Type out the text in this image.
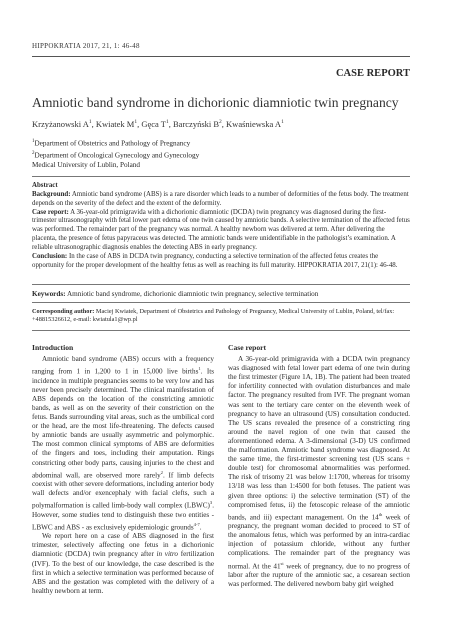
HIPPOKRATIA 2017, 21, 1: 46-48
CASE REPORT
Amniotic band syndrome in dichorionic diamniotic twin pregnancy
Krzyżanowski $A^1$, Kwiatek $M^1$, Gęca $T^1$, Barczyński $B^2$, Kwaśniewska $A^1$
$^1$Department of Obstetrics and Pathology of Pregnancy
$^2$Department of Oncological Gynecology and Gynecology
Medical University of Lublin, Poland

Abstract

Background: Amniotic band syndrome (ABS) is a rare disorder which leads to a number of deformities of the fetus body. The treatment depends on the severity of the defect and the extent of the deformity.

Case report: A 36-year-old primigravida with a dichorionic diamniotic (DCDA) twin pregnancy was diagnosed during the first-trimester ultrasonography with fetal lower part edema of one twin caused by amniotic bands. A selective termination of the affected fetus was performed. The remainder part of the pregnancy was normal. A healthy newborn was delivered at term. After delivering the placenta, the presence of fetus papyraceus was detected. The amniotic bands were unidentifiable in the pathologist’s examination. A reliable ultrasonographic diagnosis enables the detecting ABS in early pregnancy.

Conclusion: In the case of ABS in DCDA twin pregnancy, conducting a selective termination of the affected fetus creates the opportunity for the proper development of the healthy fetus as well as reaching its full maturity. HIPPOKRATIA 2017, 21(1): 46-48.

Keywords: Amniotic band syndrome, dichorionic diamniotic twin pregnancy, selective termination
Corresponding author: Maciej Kwiatek, Department of Obstetrics and Pathology of Pregnancy, Medical University of Lublin, Poland, tel/fax: +48815326612, e-mail: kwiatula1@wp.pl
Introduction

Amniotic band syndrome (ABS) occurs with a frequency ranging from 1 in 1,200 to 1 in 15,000 live births$^1$. Its incidence in multiple pregnancies seems to be very low and has never been precisely determined. The clinical manifestation of ABS depends on the location of the constricting amniotic bands, as well as on the severity of their constriction on the fetus. Bands surrounding vital areas, such as the umbilical cord or the head, are the most life-threatening. The defects caused by amniotic bands are usually asymmetric and polymorphic. The most common clinical symptoms of ABS are deformities of the fingers and toes, including their amputation. Rings constricting other body parts, causing injuries to the chest and abdominal wall, are observed more rarely$^2$. If limb defects coexist with other severe deformations, including anterior body wall defects and/or exencephaly with facial clefts, such a polymalformation is called limb-body wall complex (LBWC)$^3$. However, some studies tend to distinguish these two entities - LBWC and ABS - as exclusively epidemiologic grounds$^{4-7}$.

We report here on a case of ABS diagnosed in the first trimester, selectively affecting one fetus in a dichorionic diamniotic (DCDA) twin pregnancy after in vitro fertilization (IVF). To the best of our knowledge, the case described is the first in which a selective termination was performed because of ABS and the gestation was completed with the delivery of a healthy newborn at term.

Case report

A 36-year-old primigravida with a DCDA twin pregnancy was diagnosed with fetal lower part edema of one twin during the first trimester (Figure 1A, 1B). The patient had been treated for infertility connected with ovulation disturbances and male factor. The pregnancy resulted from IVF. The pregnant woman was sent to the tertiary care center on the eleventh week of pregnancy to have an ultrasound (US) consultation conducted. The US scans revealed the presence of a constricting ring around the navel region of one twin that caused the aforementioned edema. A 3-dimensional (3-D) US confirmed the malformation. Amniotic band syndrome was diagnosed. At the same time, the first-trimester screening test (US scans + double test) for chromosomal abnormalities was performed. The risk of trisomy 21 was below 1:1700, whereas for trisomy 13/18 was less than 1:4500 for both fetuses. The patient was given three options: i) the selective termination (ST) of the compromised fetus, ii) the fetoscopic release of the amniotic bands, and iii) expectant management. On the 14th week of pregnancy, the pregnant woman decided to proceed to ST of the anomalous fetus, which was performed by an intra-cardiac injection of potassium chloride, without any further complications. The remainder part of the pregnancy was normal. At the 41st week of pregnancy, due to no progress of labor after the rupture of the amniotic sac, a cesarean section was performed. The delivered newborn baby girl weighed
